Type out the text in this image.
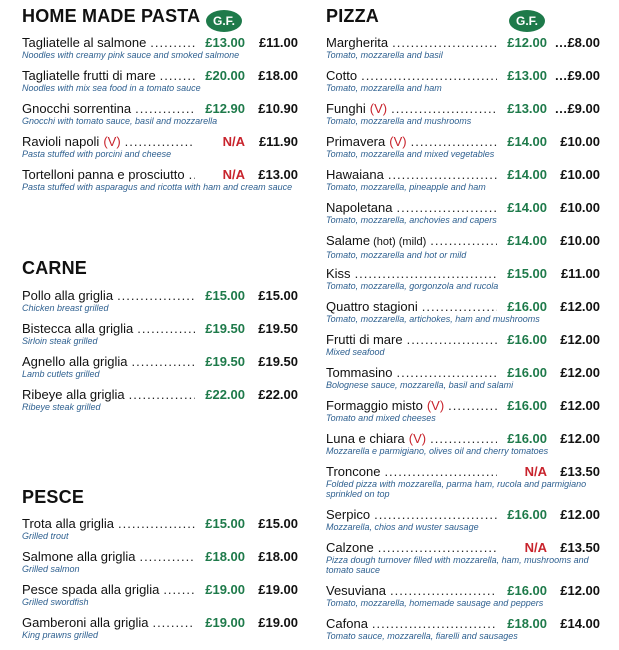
HOME MADE PASTA	G.F.
Tagliatelle al salmone .....	£13.00	£11.00
Noodles with creamy pink sauce and smoked salmone
Tagliatelle frutti di mare .....	£20.00	£18.00
Noodles with mix sea food in a tomato sauce
Gnocchi sorrentina .....	£12.90	£10.90
Gnocchi with tomato sauce, basil and mozzarella
Ravioli napoli (V) .....	N/A	£11.90
Pasta stuffed with porcini and cheese
Tortelloni panna e prosciutto .....	N/A	£13.00
Pasta stuffed with asparagus and ricotta with ham and cream sauce
CARNE
Pollo alla griglia .....	£15.00	£15.00
Chicken breast grilled
Bistecca alla griglia .....	£19.50	£19.50
Sirloin steak grilled
Agnello alla griglia .....	£19.50	£19.50
Lamb cutlets grilled
Ribeye alla griglia .....	£22.00	£22.00
Ribeye steak grilled
PESCE
Trota alla griglia .....	£15.00	£15.00
Grilled trout
Salmone alla griglia .....	£18.00	£18.00
Grilled salmon
Pesce spada alla griglia .....	£19.00	£19.00
Grilled swordfish
Gamberoni alla griglia .....	£19.00	£19.00
King prawns grilled
PIZZA	G.F.
Margherita .....	£12.00 …£8.00
Tomato, mozzarella and basil
Cotto .....	£13.00 …£9.00
Tomato, mozzarella and ham
Funghi (V) .....	£13.00 …£9.00
Tomato, mozzarella and mushrooms
Primavera (V) .....	£14.00	£10.00
Tomato, mozzarella and mixed vegetables
Hawaiana .....	£14.00	£10.00
Tomato, mozzarella, pineapple and ham
Napoletana .....	£14.00	£10.00
Tomato, mozzarella, anchovies and capers
Salame (hot) (mild) .....	£14.00	£10.00
Tomato, mozzarella and hot or mild
Kiss .....	£15.00	£11.00
Tomato, mozzarella, gorgonzola and rucola
Quattro stagioni .....	£16.00	£12.00
Tomato, mozzarella, artichokes, ham and mushrooms
Frutti di mare .....	£16.00	£12.00
Mixed seafood
Tommasino .....	£16.00	£12.00
Bolognese sauce, mozzarella, basil and salami
Formaggio misto (V) .....	£16.00	£12.00
Tomato and mixed cheeses
Luna e chiara (V) .....	£16.00	£12.00
Mozzarella e parmigiano, olives oil and cherry tomatoes
Troncone .....	N/A	£13.50
Folded pizza with mozzarella, parma ham, rucola and parmigiano sprinkled on top
Serpico .....	£16.00	£12.00
Mozzarella, chios and wuster sausage
Calzone .....	N/A	£13.50
Pizza dough turnover filled with mozzarella, ham, mushrooms and tomato sauce
Vesuviana .....	£16.00	£12.00
Tomato, mozzarella, homemade sausage and peppers
Cafona .....	£18.00	£14.00
Tomato sauce, mozzarella, fiarelli and sausages
